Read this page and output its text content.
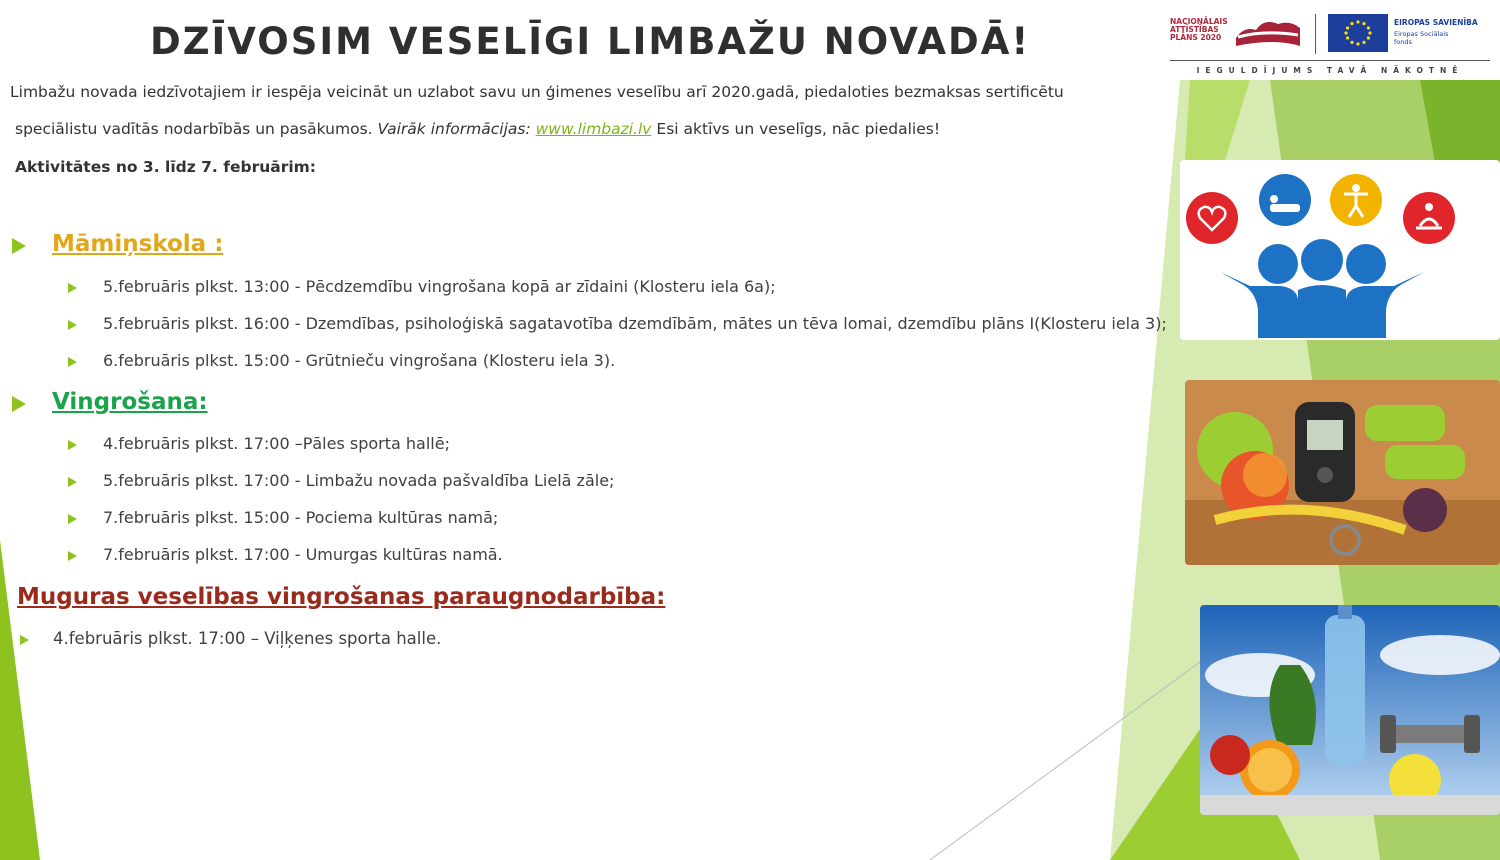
DZĪVOSIM VESELĪGI LIMBAŽU NOVADĀ!	NACIONĀLAIS
ATTĪSTĪBAS
PLĀNS 2020
EIROPAS SAVIENĪBA
Eiropas Sociālais
fonds
IEGULDĪJUMS TAVĀ NĀKOTNĒ

Limbažu novada iedzīvotajiem ir iespēja veicināt un uzlabot savu un ģimenes veselību arī 2020.gadā, piedaloties bezmaksas sertificētu

speciālistu vadītās nodarbībās un pasākumos. Vairāk informācijas: www.limbazi.lv Esi aktīvs un veselīgs, nāc piedalies!

Aktivitātes no 3. līdz 7. februārim:

Māmiņskola :
5.februāris plkst. 13:00 - Pēcdzemdību vingrošana kopā ar zīdaini (Klosteru iela 6a);
5.februāris plkst. 16:00 - Dzemdības, psiholoģiskā sagatavotība dzemdībām, mātes un tēva lomai, dzemdību plāns I(Klosteru iela 3);
6.februāris plkst. 15:00 - Grūtnieču vingrošana (Klosteru iela 3).
Vingrošana:
4.februāris plkst. 17:00 –Pāles sporta hallē;
5.februāris plkst. 17:00 - Limbažu novada pašvaldība Lielā zāle;
7.februāris plkst. 15:00 - Pociema kultūras namā;
7.februāris plkst. 17:00 - Umurgas kultūras namā.
Muguras veselības vingrošanas paraugnodarbība:
4.februāris plkst. 17:00 – Viļķenes sporta halle.
